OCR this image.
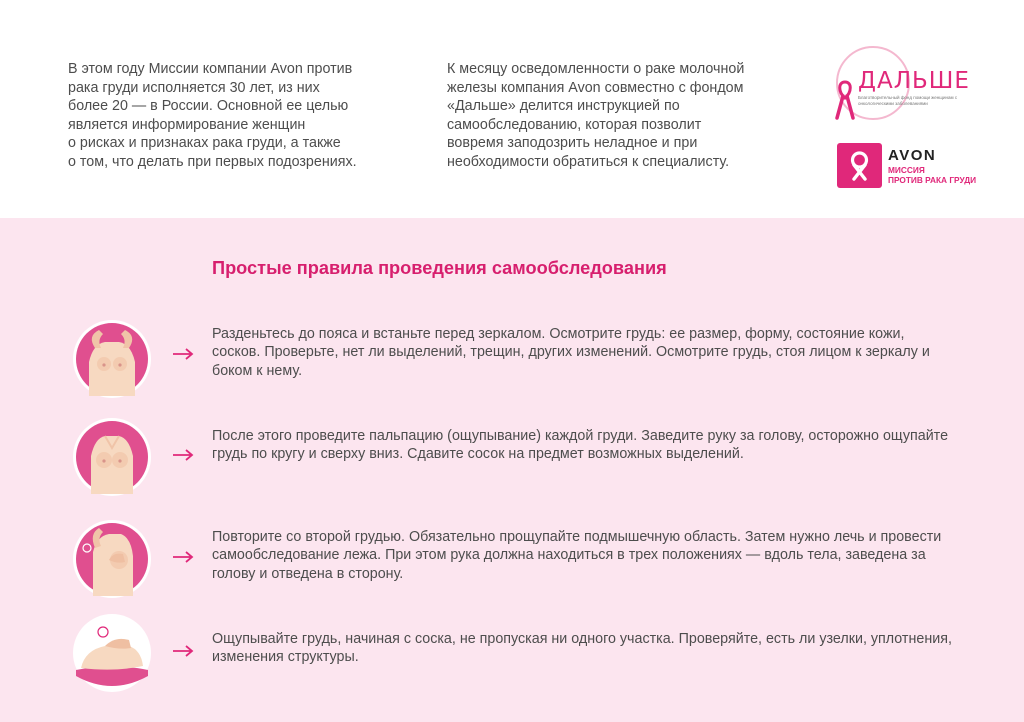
В этом году Миссии компании Avon против
рака груди исполняется 30 лет, из них
более 20 — в России. Основной ее целью
является информирование женщин
о рисках и признаках рака груди, а также
о том, что делать при первых подозрениях.

К месяцу осведомленности о раке молочной
железы компания Avon совместно с фондом
«Дальше» делится инструкцией по
самообследованию, которая позволит
вовремя заподозрить неладное и при
необходимости обратиться к специалисту.

ДАЛЬШЕ
Благотворительный фонд помощи женщинам с онкологическими заболеваниями
AVON
МИССИЯ
ПРОТИВ РАКА ГРУДИ
Простые правила проведения самообследования
Разденьтесь до пояса и встаньте перед зеркалом. Осмотрите грудь: ее размер, форму, состояние кожи, сосков. Проверьте, нет ли выделений, трещин, других изменений. Осмотрите грудь, стоя лицом к зеркалу и боком к нему.
После этого проведите пальпацию (ощупывание) каждой груди. Заведите руку за голову, осторожно ощупайте грудь по кругу и сверху вниз. Сдавите сосок на предмет возможных выделений.
Повторите со второй грудью. Обязательно прощупайте подмышечную область. Затем нужно лечь и провести самообследование лежа. При этом рука должна находиться в трех положениях — вдоль тела, заведена за голову и отведена в сторону.
Ощупывайте грудь, начиная с соска, не пропуская ни одного участка. Проверяйте, есть ли узелки, уплотнения, изменения структуры.
